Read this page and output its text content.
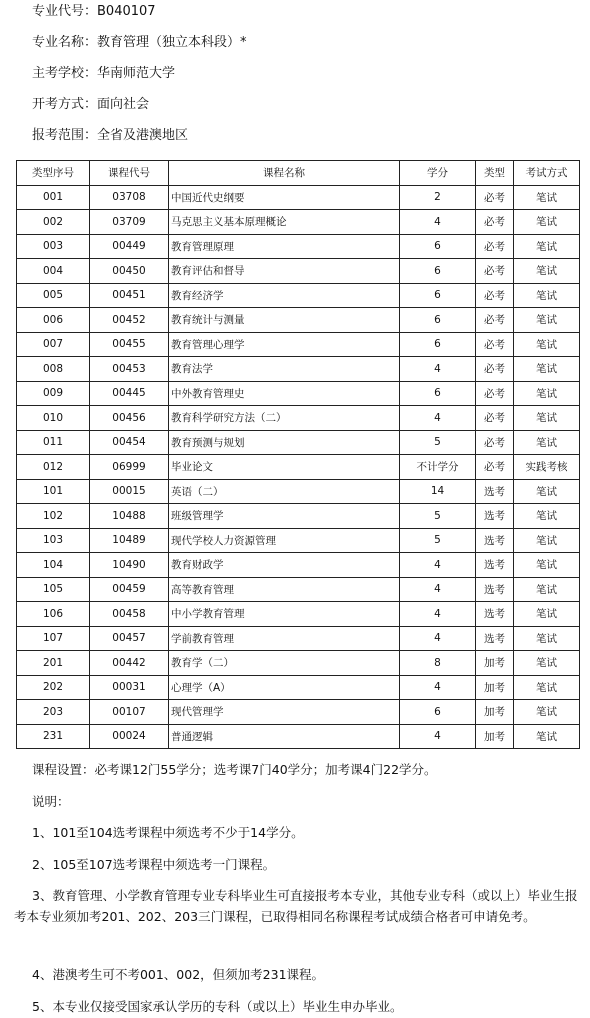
专业代号：B040107
专业名称：教育管理（独立本科段）*
主考学校：华南师范大学
开考方式：面向社会
报考范围：全省及港澳地区
类型序号	课程代号	课程名称	学分	类型	考试方式
001	03708	中国近代史纲要	2	必考	笔试
002	03709	马克思主义基本原理概论	4	必考	笔试
003	00449	教育管理原理	6	必考	笔试
004	00450	教育评估和督导	6	必考	笔试
005	00451	教育经济学	6	必考	笔试
006	00452	教育统计与测量	6	必考	笔试
007	00455	教育管理心理学	6	必考	笔试
008	00453	教育法学	4	必考	笔试
009	00445	中外教育管理史	6	必考	笔试
010	00456	教育科学研究方法（二）	4	必考	笔试
011	00454	教育预测与规划	5	必考	笔试
012	06999	毕业论文	不计学分	必考	实践考核
101	00015	英语（二）	14	选考	笔试
102	10488	班级管理学	5	选考	笔试
103	10489	现代学校人力资源管理	5	选考	笔试
104	10490	教育财政学	4	选考	笔试
105	00459	高等教育管理	4	选考	笔试
106	00458	中小学教育管理	4	选考	笔试
107	00457	学前教育管理	4	选考	笔试
201	00442	教育学（二）	8	加考	笔试
202	00031	心理学（A）	4	加考	笔试
203	00107	现代管理学	6	加考	笔试
231	00024	普通逻辑	4	加考	笔试
课程设置：必考课12门55学分；选考课7门40学分；加考课4门22学分。
说明：
1、101至104选考课程中须选考不少于14学分。
2、105至107选考课程中须选考一门课程。
3、教育管理、小学教育管理专业专科毕业生可直接报考本专业，其他专业专科（或以上）毕业生报考本专业须加考201、202、203三门课程，已取得相同名称课程考试成绩合格者可申请免考。
4、港澳考生可不考001、002，但须加考231课程。
5、本专业仅接受国家承认学历的专科（或以上）毕业生申办毕业。
